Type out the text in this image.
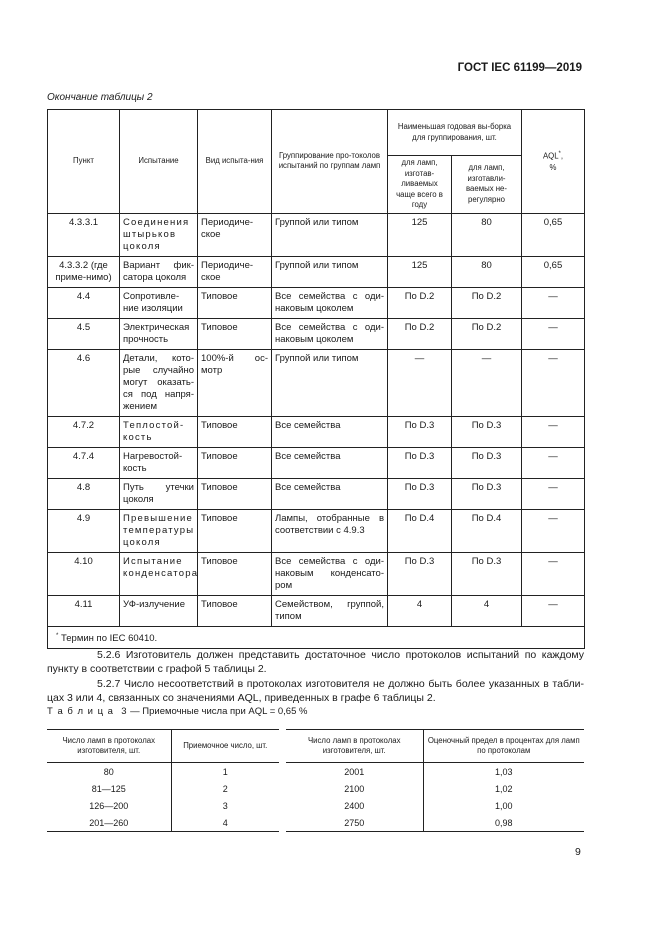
ГОСТ IEC 61199—2019
Окончание таблицы 2
Пункт	Испытание	Вид испыта-ния	Группирование про-токолов испытаний по группам ламп	Наименьшая годовая вы-борка для группирования, шт.		AQL*,
%
				для ламп, изготав-ливаемых чаще всего в году	для ламп, изготавли-ваемых не-регулярно	
4.3.3.1	Соединения штырьков цоколя	Периодиче-ское	Группой или типом	125	80	0,65
4.3.3.2 (где приме-нимо)	Вариант фик-сатора цоколя	Периодиче-ское	Группой или типом	125	80	0,65
4.4	Сопротивле-ние изоляции	Типовое	Все семейства с оди-наковым цоколем	По D.2	По D.2	—
4.5	Электрическая прочность	Типовое	Все семейства с оди-наковым цоколем	По D.2	По D.2	—
4.6	Детали, кото-рые случайно могут оказать-ся под напря-жением	100%-й ос-мотр	Группой или типом	—	—	—
4.7.2	Теплостой-кость	Типовое	Все семейства	По D.3	По D.3	—
4.7.4	Нагревостой-кость	Типовое	Все семейства	По D.3	По D.3	—
4.8	Путь утечки цоколя	Типовое	Все семейства	По D.3	По D.3	—
4.9	Превышение температуры цоколя	Типовое	Лампы, отобранные в соответствии с 4.9.3	По D.4	По D.4	—
4.10	Испытание конденсатора	Типовое	Все семейства с оди-наковым конденсато-ром	По D.3	По D.3	—
4.11	УФ-излучение	Типовое	Семейством, группой, типом	4	4	—
* Термин по IEC 60410.						
5.2.6 Изготовитель должен представить достаточное число протоколов испытаний по каждому пункту в соответствии с графой 5 таблицы 2.
5.2.7 Число несоответствий в протоколах изготовителя не должно быть более указанных в табли-цах 3 или 4, связанных со значениями AQL, приведенных в графе 6 таблицы 2.
Т а б л и ц а  3 — Приемочные числа при AQL = 0,65 %
Число ламп в протоколах изготовителя, шт.	Приемочное число, шт.
80	1
81—125	2
126—200	3
201—260	4
Число ламп в протоколах изготовителя, шт.	Оценочный предел в процентах для ламп по протоколам
2001	1,03
2100	1,02
2400	1,00
2750	0,98
9
